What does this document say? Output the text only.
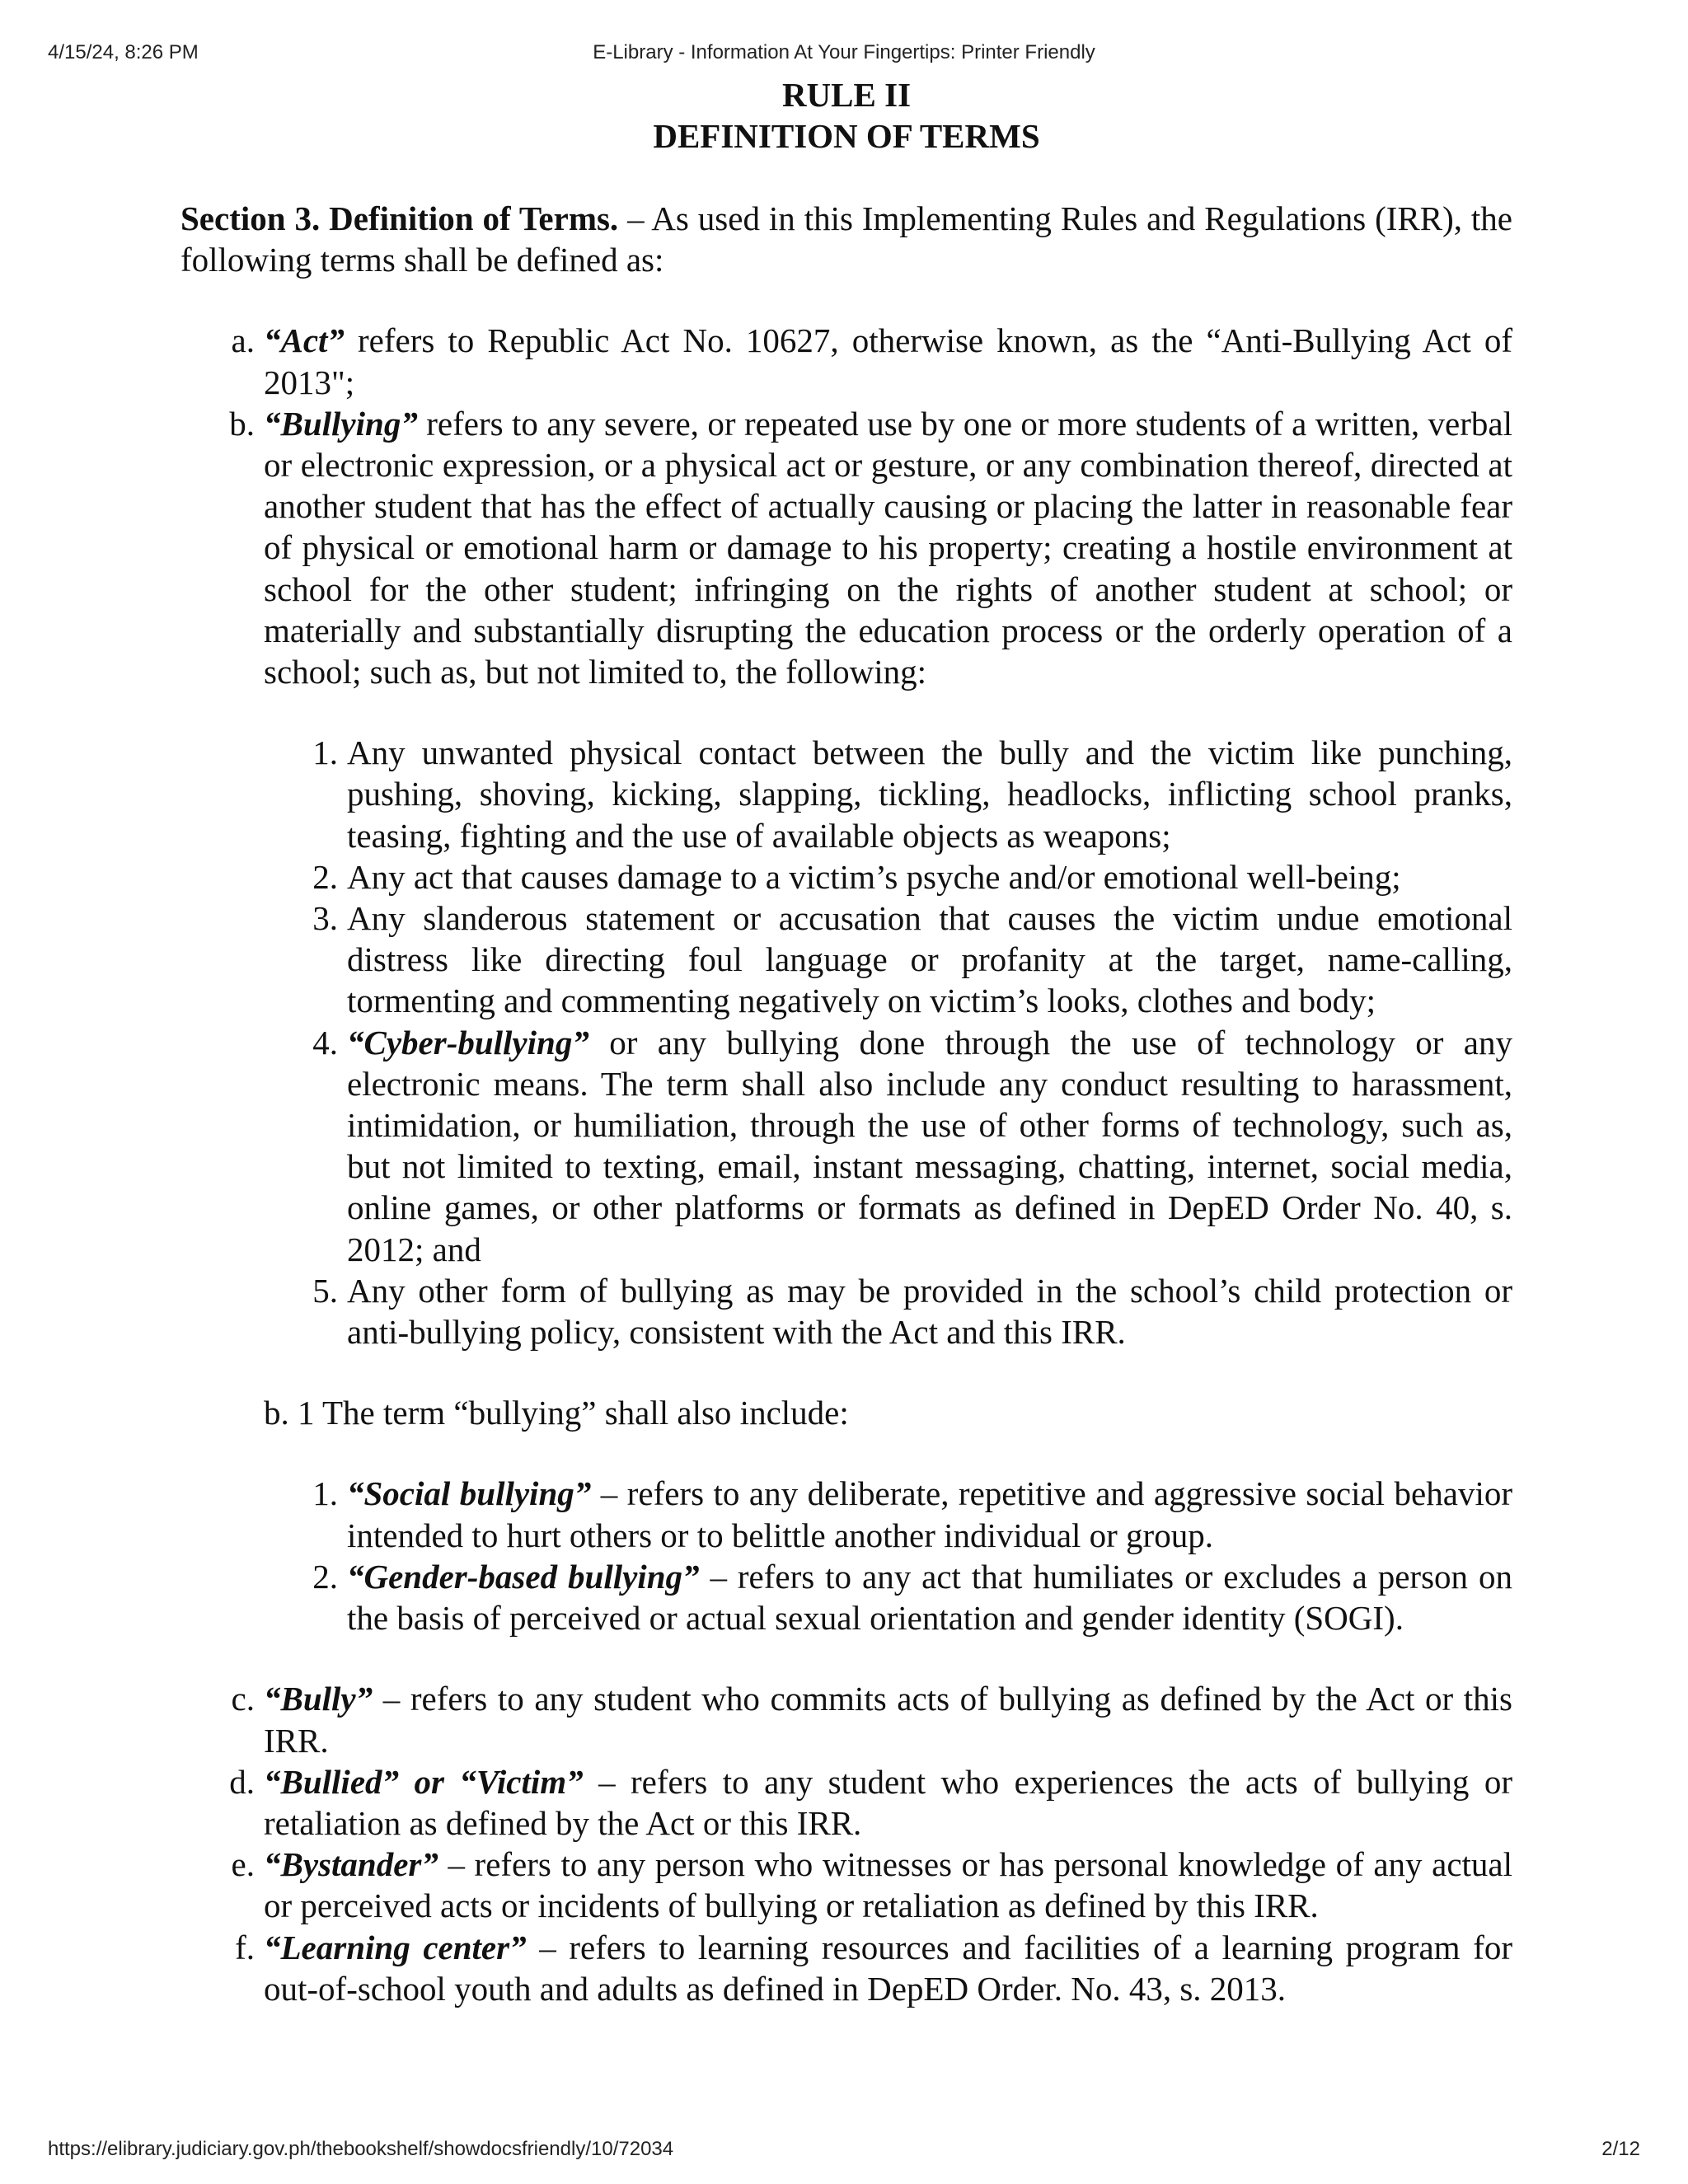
4/15/24, 8:26 PM	E-Library - Information At Your Fingertips: Printer Friendly
RULE II
DEFINITION OF TERMS

Section 3. Definition of Terms. – As used in this Implementing Rules and Regulations (IRR), the following terms shall be defined as:

a. “Act” refers to Republic Act No. 10627, otherwise known, as the “Anti-Bullying Act of 2013";
b. “Bullying” refers to any severe, or repeated use by one or more students of a written, verbal or electronic expression, or a physical act or gesture, or any combination thereof, directed at another student that has the effect of actually causing or placing the latter in reasonable fear of physical or emotional harm or damage to his property; creating a hostile environment at school for the other student; infringing on the rights of another student at school; or materially and substantially disrupting the education process or the orderly operation of a school; such as, but not limited to, the following:
1. Any unwanted physical contact between the bully and the victim like punching, pushing, shoving, kicking, slapping, tickling, headlocks, inflicting school pranks, teasing, fighting and the use of available objects as weapons;
2. Any act that causes damage to a victim’s psyche and/or emotional well-being;
3. Any slanderous statement or accusation that causes the victim undue emotional distress like directing foul language or profanity at the target, name-calling, tormenting and commenting negatively on victim’s looks, clothes and body;
4. “Cyber-bullying” or any bullying done through the use of technology or any electronic means. The term shall also include any conduct resulting to harassment, intimidation, or humiliation, through the use of other forms of technology, such as, but not limited to texting, email, instant messaging, chatting, internet, social media, online games, or other platforms or formats as defined in DepED Order No. 40, s. 2012; and
5. Any other form of bullying as may be provided in the school’s child protection or anti-bullying policy, consistent with the Act and this IRR.
b. 1 The term “bullying” shall also include:
1. “Social bullying” – refers to any deliberate, repetitive and aggressive social behavior intended to hurt others or to belittle another individual or group.
2. “Gender-based bullying” – refers to any act that humiliates or excludes a person on the basis of perceived or actual sexual orientation and gender identity (SOGI).
c. “Bully” – refers to any student who commits acts of bullying as defined by the Act or this IRR.
d. “Bullied” or “Victim” – refers to any student who experiences the acts of bullying or retaliation as defined by the Act or this IRR.
e. “Bystander” – refers to any person who witnesses or has personal knowledge of any actual or perceived acts or incidents of bullying or retaliation as defined by this IRR.
f. “Learning center” – refers to learning resources and facilities of a learning program for out-of-school youth and adults as defined in DepED Order. No. 43, s. 2013.
https://elibrary.judiciary.gov.ph/thebookshelf/showdocsfriendly/10/72034	2/12
